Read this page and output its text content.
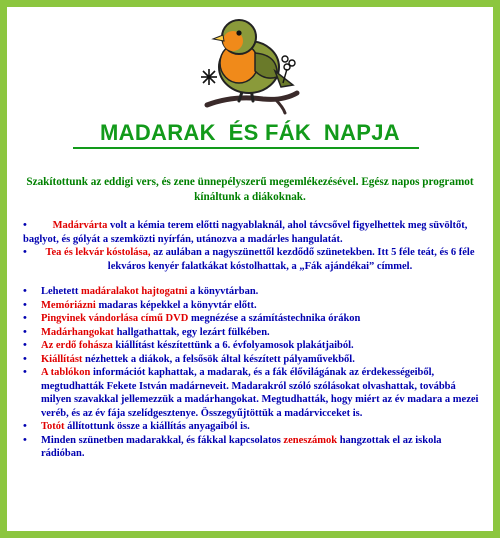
MADARAK  ÉS FÁK  NAPJA

Szakítottunk az eddigi vers, és zene ünnepélyszerű megemlékezésével. Egész napos programot kínáltunk a diákoknak.

•	Madárvárta volt a kémia terem előtti nagyablaknál, ahol távcsővel figyelhettek meg süvöltőt,
baglyot, és gólyát a szemközti nyírfán, utánozva a madárles hangulatát.
•	Tea és lekvár kóstolása, az aulában a nagyszünettől kezdődő szünetekben. Itt 5 féle teát, és 6 féle lekváros kenyér falatkákat kóstolhattak, a „Fák ajándékai” címmel.
• Lehetett madáralakot hajtogatni a könyvtárban.
• Memóriázni madaras képekkel a könyvtár előtt.
• Pingvinek vándorlása című DVD megnézése a számítástechnika órákon
• Madárhangokat hallgathattak, egy lezárt fülkében.
• Az erdő fohásza kiállítást készítettünk a 6. évfolyamosok plakátjaiból.
• Kiállítást nézhettek a diákok, a felsősök által készített pályaművekből.
• A tablókon információt kaphattak, a madarak, és a fák élővilágának az érdekességeiből, megtudhatták Fekete István madárneveit. Madarakról szóló szólásokat olvashattak, továbbá milyen szavakkal jellemezzük a madárhangokat. Megtudhatták, hogy miért az év madara a mezei veréb, és az év fája szelídgesztenye. Összegyűjtöttük a madárvicceket is.
• Totót állítottunk össze a kiállítás anyagaiból is.
• Minden szünetben madarakkal, és fákkal kapcsolatos zeneszámok hangzottak el az iskola rádióban.
